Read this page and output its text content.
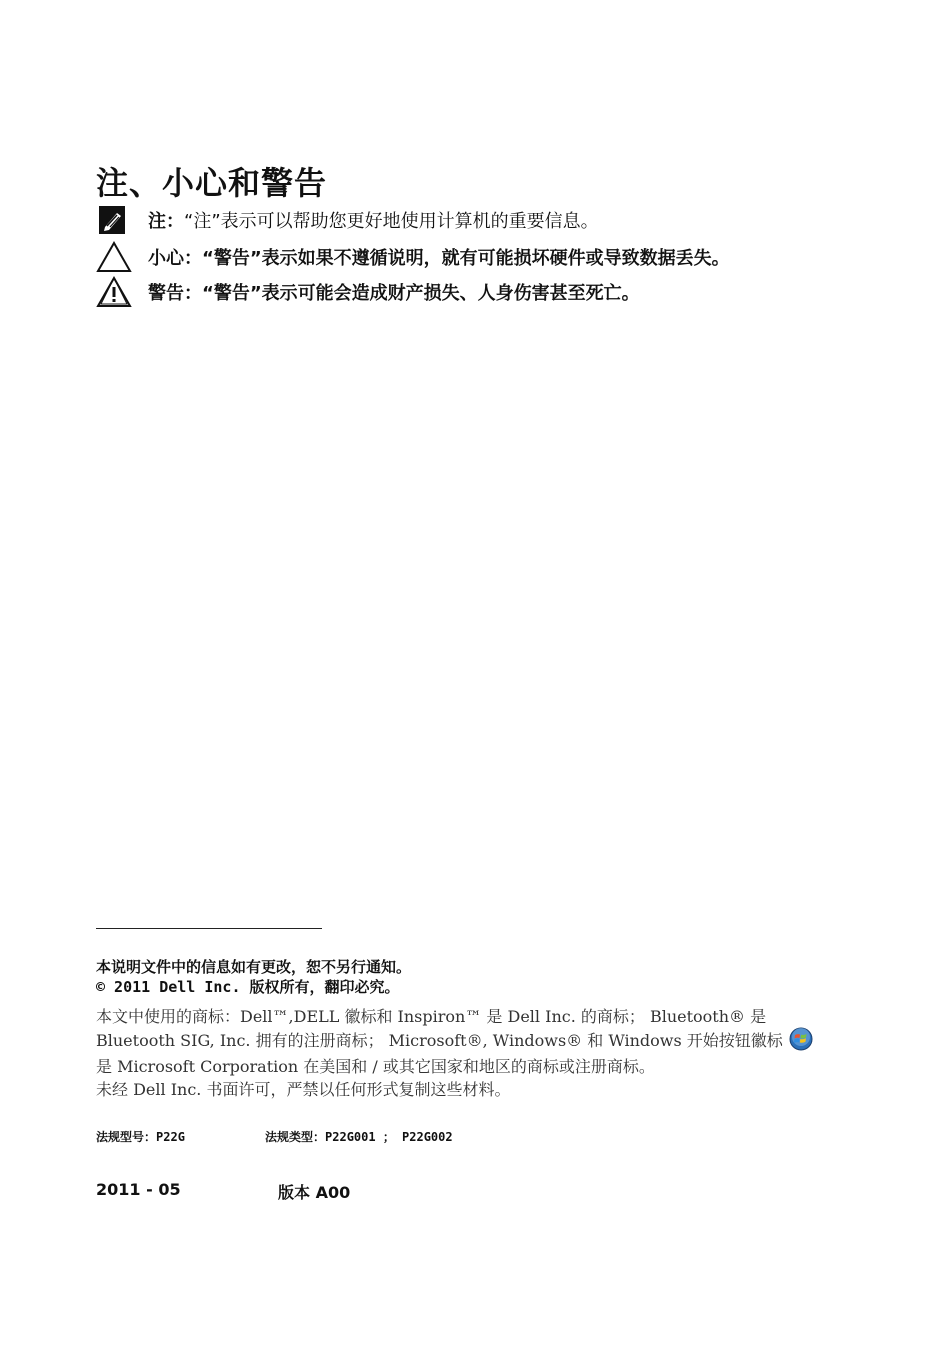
注、小心和警告
注：“注”表示可以帮助您更好地使用计算机的重要信息。
小心：“警告”表示如果不遵循说明，就有可能损坏硬件或导致数据丢失。
警告：“警告”表示可能会造成财产损失、人身伤害甚至死亡。
本说明文件中的信息如有更改，恕不另行通知。
© 2011 Dell Inc. 版权所有，翻印必究。
本文中使用的商标：Dell™,DELL 徽标和 Inspiron™ 是 Dell Inc. 的商标； Bluetooth® 是
Bluetooth SIG, Inc. 拥有的注册商标； Microsoft®, Windows® 和 Windows 开始按钮徽标
是 Microsoft Corporation 在美国和 / 或其它国家和地区的商标或注册商标。
未经 Dell Inc. 书面许可，严禁以任何形式复制这些材料。
法规型号：P22G	法规类型：P22G001 ； P22G002
2011 - 05	版本 A00
